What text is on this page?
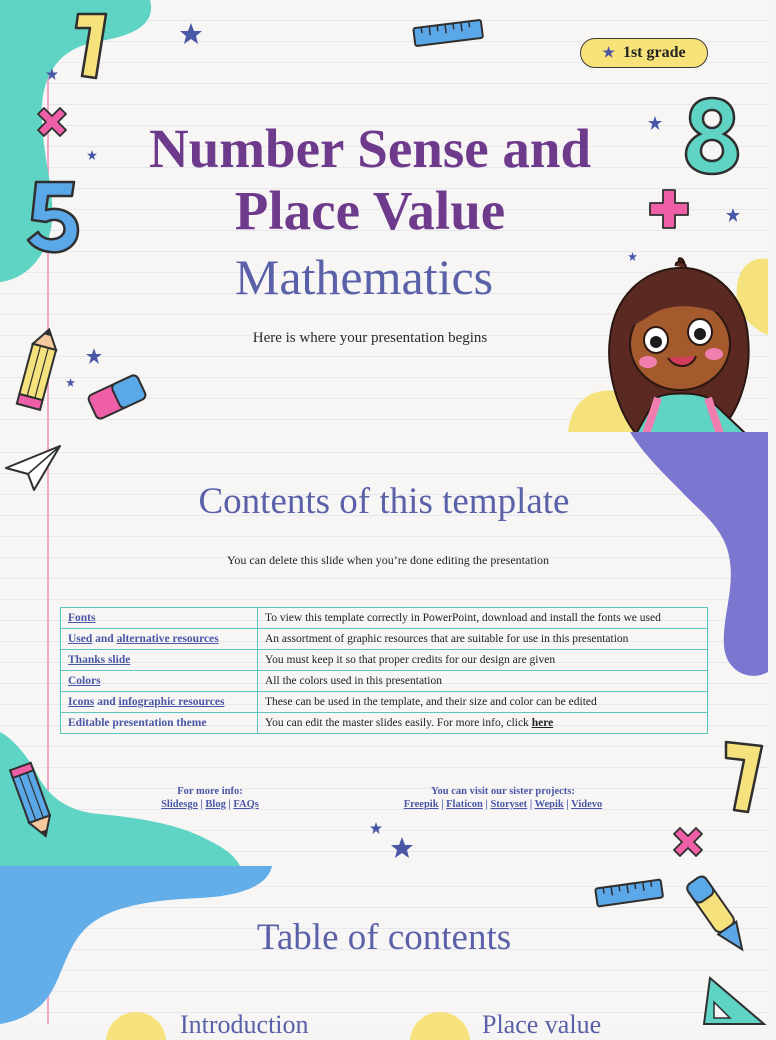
★ 1st grade
Number Sense and
Place Value
Mathematics
Here is where your presentation begins
Contents of this template
You can delete this slide when you’re done editing the presentation
Fonts	To view this template correctly in PowerPoint, download and install the fonts we used
Used and alternative resources	An assortment of graphic resources that are suitable for use in this presentation
Thanks slide	You must keep it so that proper credits for our design are given
Colors	All the colors used in this presentation
Icons and infographic resources	These can be used in the template, and their size and color can be edited
Editable presentation theme	You can edit the master slides easily. For more info, click here
For more info:
Slidesgo | Blog | FAQs
You can visit our sister projects:
Freepik | Flaticon | Storyset | Wepik | Videvo
Table of contents
Introduction	Place value
